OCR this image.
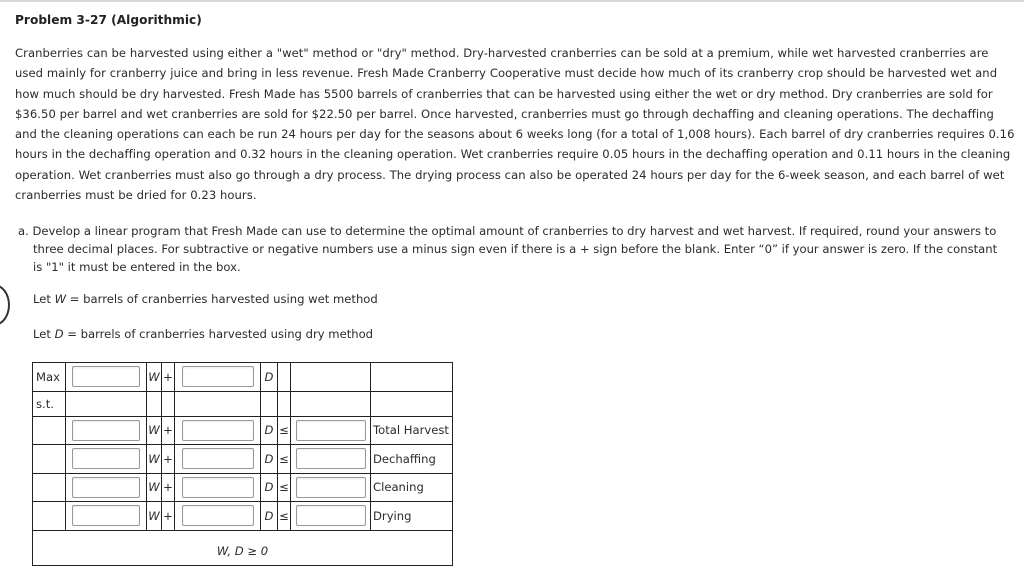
Problem 3-27 (Algorithmic)
Cranberries can be harvested using either a "wet" method or "dry" method. Dry-harvested cranberries can be sold at a premium, while wet harvested cranberries are
used mainly for cranberry juice and bring in less revenue. Fresh Made Cranberry Cooperative must decide how much of its cranberry crop should be harvested wet and
how much should be dry harvested. Fresh Made has 5500 barrels of cranberries that can be harvested using either the wet or dry method. Dry cranberries are sold for
$36.50 per barrel and wet cranberries are sold for $22.50 per barrel. Once harvested, cranberries must go through dechaffing and cleaning operations. The dechaffing
and the cleaning operations can each be run 24 hours per day for the seasons about 6 weeks long (for a total of 1,008 hours). Each barrel of dry cranberries requires 0.16
hours in the dechaffing operation and 0.32 hours in the cleaning operation. Wet cranberries require 0.05 hours in the dechaffing operation and 0.11 hours in the cleaning
operation. Wet cranberries must also go through a dry process. The drying process can also be operated 24 hours per day for the 6-week season, and each barrel of wet
cranberries must be dried for 0.23 hours.
a. Develop a linear program that Fresh Made can use to determine the optimal amount of cranberries to dry harvest and wet harvest. If required, round your answers to
three decimal places. For subtractive or negative numbers use a minus sign even if there is a + sign before the blank. Enter “0” if your answer is zero. If the constant
is "1" it must be entered in the box.
Let W = barrels of cranberries harvested using wet method
Let D = barrels of cranberries harvested using dry method
Max		W	+		D			
s.t.								
		W	+		D	≤		Total Harvest
		W	+		D	≤		Dechaffing
		W	+		D	≤		Cleaning
		W	+		D	≤		Drying
W, D ≥ 0								
